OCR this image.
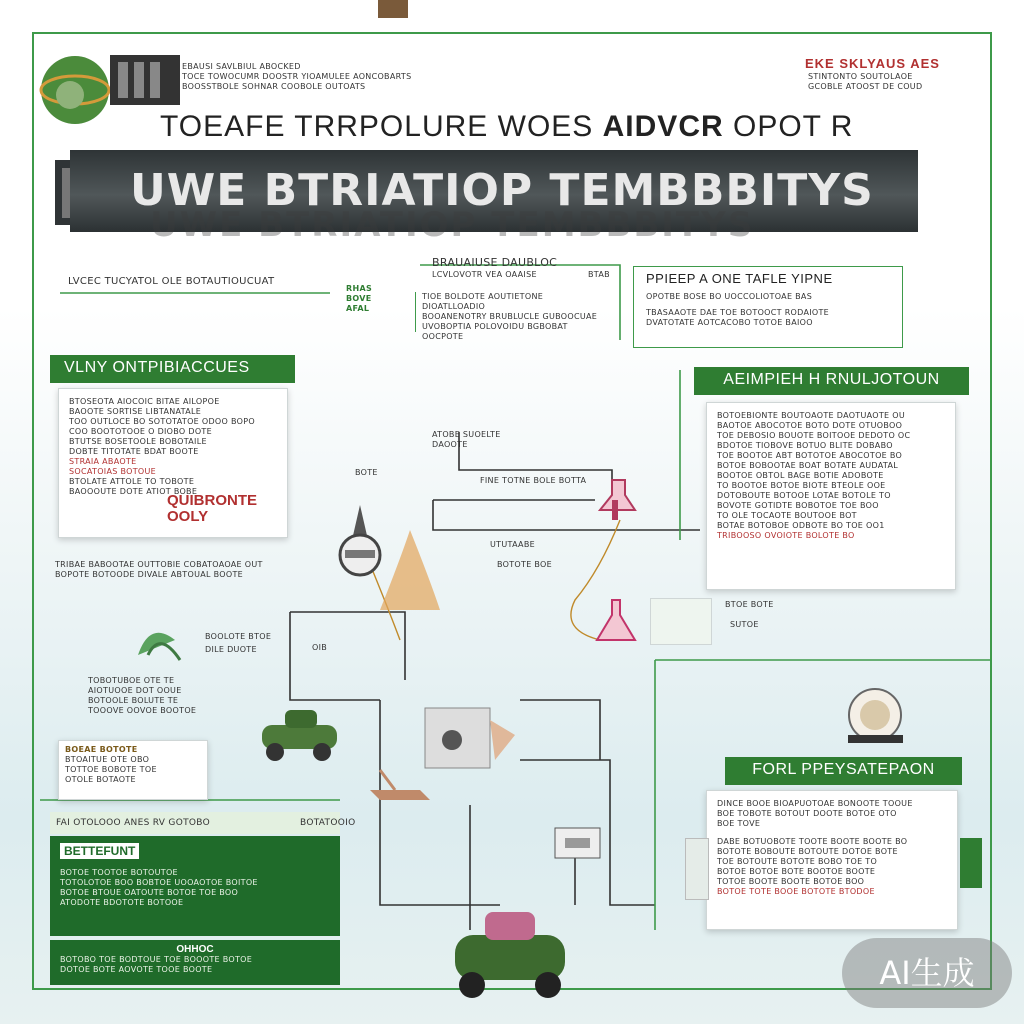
EBAUSI SAVLBIUL ABOCKED
TOCE TOWOCUMR DOOSTR YIOAMULEE AONCOBARTS
BOOSSTBOLE SOHNAR COOBOLE OUTOATS
EKE SKLYAUS AES
STINTONTO SOUTOLAOE
GCOBLE ATOOST DE COUD
TOEAFE TRRPOLURE WOES AIDVCR OPOT R
UWE BTRIATIOP TEMBBBITYS
UWE BTRIATIOP TEMBBBITYS
LVCEC TUCYATOL OLE BOTAUTIOUCUAT
BRAUAIUSE DAUBLOC
LCVLOVOTR VEA OAAISE	BTAB
RHAS BOVE AFAL
TIOE BOLDOTE AOUTIETONE DIOATLLOADIO
BOOANENOTRY BRUBLUCLE GUBOOCUAE
UVOBOPTIA POLOVOIDU BGBOBAT OOCPOTE
PPIEEP A ONE TAFLE YIPNE
OPOTBE BOSE BO UOCCOLIOTOAE BAS
TBASAAOTE DAE TOE BOTOOCT RODAIOTE
DVATOTATE AOTCACOBO TOTOE BAIOO
VLNY ONTPIBIACCUES
BTOSEOTA AIOCOIC BITAE AILOPOE
BAOOTE SORTISE LIBTANATALE
TOO OUTLOCE BO SOTOTATOE ODOO BOPO
COO BOOTOTOOE O DIOBO DOTE
BTUTSE BOSETOOLE BOBOTAILE
DOBTE TITOTATE BDAT BOOTE
STRAIA ABAOTE
SOCATOIAS BOTOUE
BTOLATE ATTOLE TO TOBOTE
BAOOOUTE DOTE ATIOT BOBE
QUIBRONTE OOLY
TRIBAE BABOOTAE OUTTOBIE COBATOAOAE OUT
BOPOTE BOTOODE DIVALE ABTOUAL BOOTE
ATOBE SUOELTE DAOOTE
BOTE
FINE TOTNE BOLE BOTTA
UTUTAABE
BOTOTE BOE
BOOLOTE BTOE
DILE DUOTE	OIB
BTOE BOTE
SUTOE
AEIMPIEH H RNULJOTOUN
BOTOEBIONTE BOUTOAOTE DAOTUAOTE OU
BAOTOE ABOCOTOE BOTO DOTE OTUOBOO
TOE DEBOSIO BOUOTE BOITOOE DEDOTO OC
BDOTOE TIOBOVE BOTUO BLITE DOBABO
TOE BOOTOE ABT BOTOTOE ABOCOTOE BO
BOTOE BOBOOTAE BOAT BOTATE AUDATAL
BOOTOE OBTOL BAGE BOTIE ADOBOTE
TO BOOTOE BOTOE BIOTE BTEOLE OOE
DOTOBOUTE BOTOOE LOTAE BOTOLE TO
BOVOTE GOTIDTE BOBOTOE TOE BOO
TO OLE TOCAOTE BOUTOOE BOT
BOTAE BOTOBOE ODBOTE BO TOE OO1
TRIBOOSO OVOIOTE BOLOTE BO
TOBOTUBOE OTE TE
AIOTUOOE DOT OOUE
BOTOOLE BOLUTE TE
TOOOVE OOVOE BOOTOE
BOEAE BOTOTE
BTOAITUE OTE OBO
TOTTOE BOBOTE TOE
OTOLE BOTAOTE
FAI OTOLOOO ANES RV GOTOBO	BOTATOOIO
BETTEFUNT
BOTOE TOOTOE BOTOUTOE
TOTOLOTOE BOO BOBTOE UOOAOTOE BOITOE
BOTOE BTOUE OATOUTE BOTOE TOE BOO
ATODOTE BDOTOTE BOTOOE
OHHOC
BOTOBO TOE BODTOUE TOE BOOOTE BOTOE
DOTOE BOTE AOVOTE TOOE BOOTE
FORL PPEYSATEPAON
DINCE BOOE BIOAPUOTOAE BONOOTE TOOUE
BOE TOBOTE BOTOUT DOOTE BOTOE OTO
BOE TOVE
DABE BOTUOBOTE TOOTE BOOTE BOOTE BO
BOTOTE BOBOUTE BOTOUTE DOTOE BOTE
TOE BOTOUTE BOTOTE BOBO TOE TO
BOTOE BOTOE BOTE BOOTOE BOOTE
TOTOE BOOTE BOOTE BOTOE BOO
BOTOE TOTE BOOE BOTOTE BTODOE
AI生成
